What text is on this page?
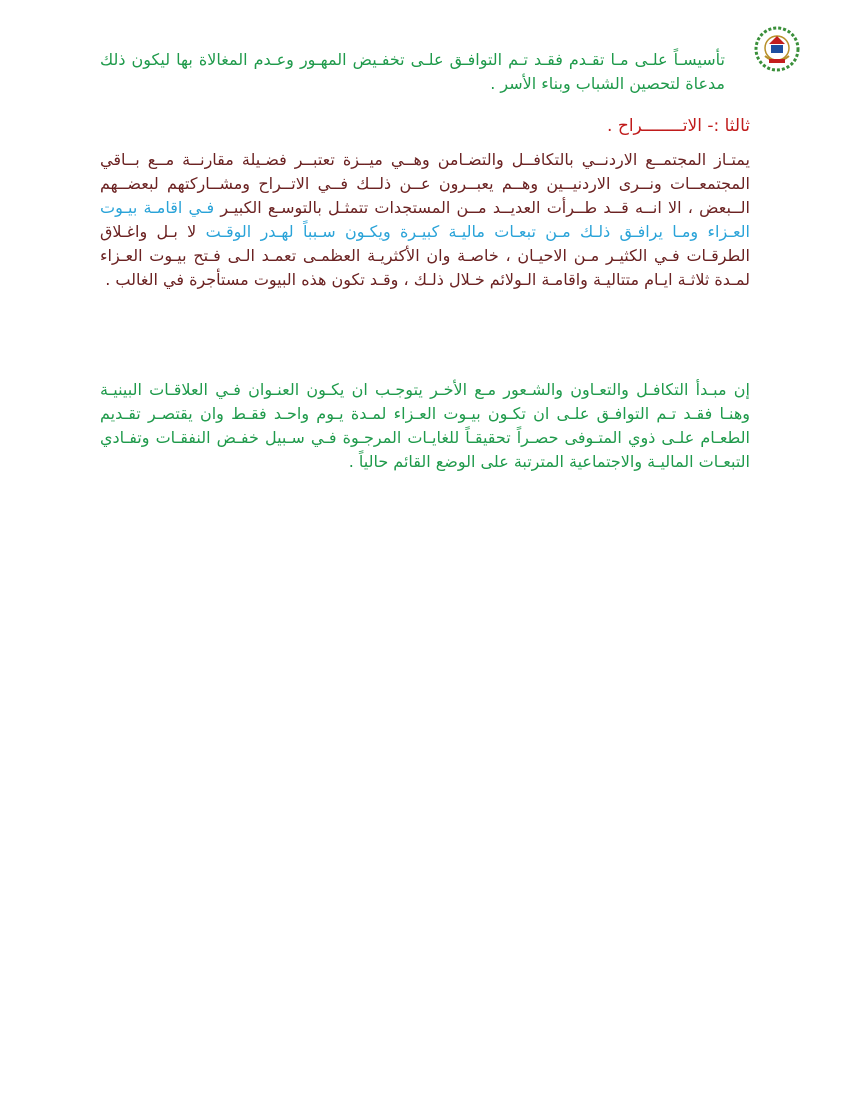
تأسيسـاً علـى مـا تقـدم فقـد تـم التوافـق علـى تخفـيض المهـور وعـدم المغالاة بها ليكون ذلك مدعاة لتحصين الشباب وبناء الأسر .

ثالثا :- الاتــــــــراح .

يمتـاز المجتمــع الاردنــي بالتكافــل والتضـامن وهــي ميــزة تعتبــر فضـيلة مقارنــة مــع بــاقي المجتمعــات ونــرى الاردنيــين وهــم يعبــرون عــن ذلــك فــي الاتــراح ومشــاركتهم لبعضــهم الــبعض ، الا انــه قــد طــرأت العديــد مــن المستجدات تتمثـل بالتوسـع الكبيـر فـي اقامـة بيـوت العـزاء ومـا يرافـق ذلـك مـن تبعـات ماليـة كبيـرة ويكـون سـبباً لهـدر الوقـت لا بـل واغـلاق الطرقـات فـي الكثيـر مـن الاحيـان ، خاصـة وان الأكثريـة العظمـى تعمـد الـى فـتح بيـوت العـزاء لمـدة ثلاثـة ايـام متتاليـة واقامـة الـولائم خـلال ذلـك ، وقـد تكون هذه البيوت مستأجرة في الغالب .

إن مبـدأ التكافـل والتعـاون والشـعور مـع الأخـر يتوجـب ان يكـون العنـوان فـي العلاقـات البينيـة وهنـا فقـد تـم التوافـق علـى ان تكـون بيـوت العـزاء لمـدة يـوم واحـد فقـط وان يقتصـر تقـديم الطعـام علـى ذوي المتـوفى حصـراً تحقيقـاً للغايـات المرجـوة فـي سـبيل خفـض النفقـات وتفـادي التبعـات الماليـة والاجتماعية المترتبة على الوضع القائم حالياً .
